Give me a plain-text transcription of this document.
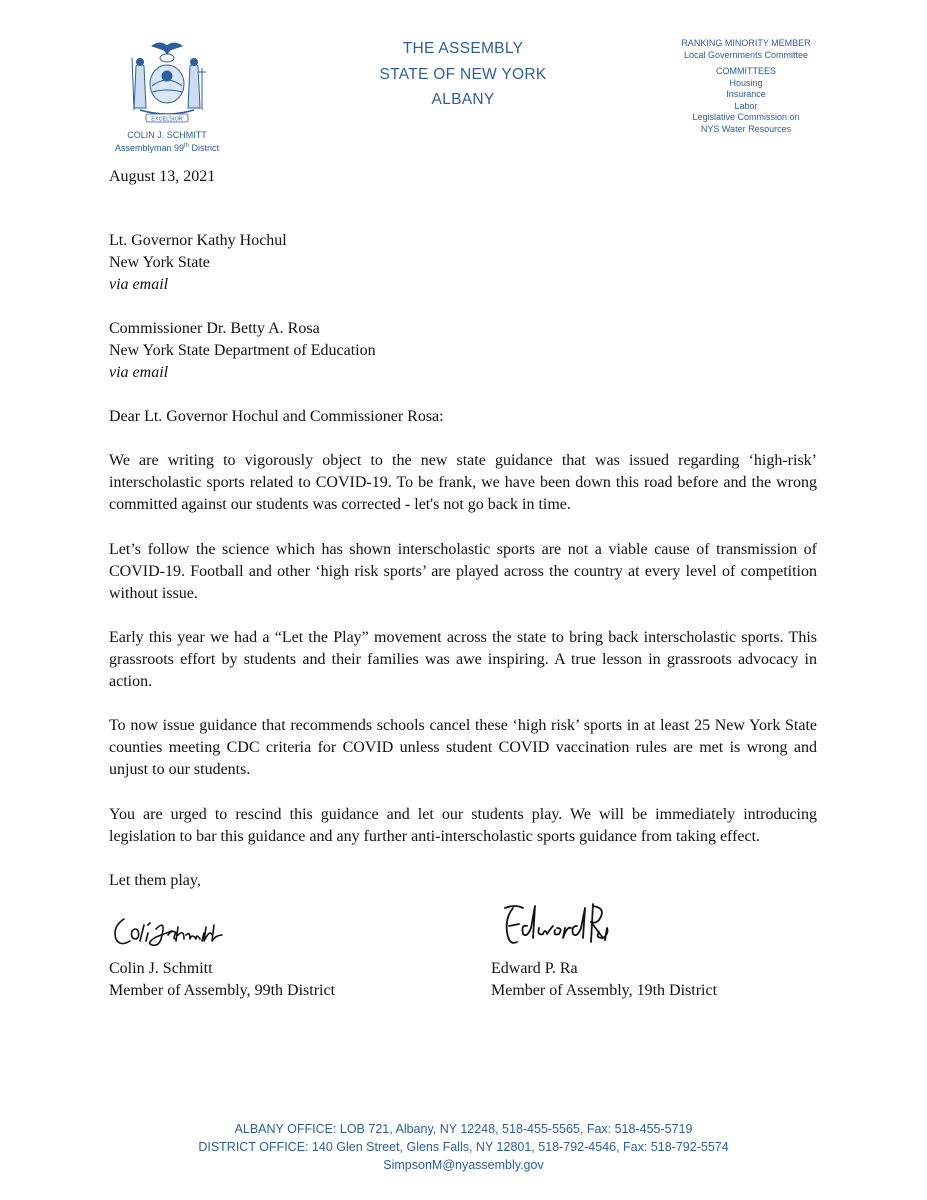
EXCELSIOR
COLIN J. SCHMITT
Assemblyman 99th District
THE ASSEMBLY
STATE OF NEW YORK
ALBANY
RANKING MINORITY MEMBER
Local Governments Committee
COMMITTEES
Housing
Insurance
Labor
Legislative Commission on
NYS Water Resources
August 13, 2021
Lt. Governor Kathy Hochul
New York State
via email
Commissioner Dr. Betty A. Rosa
New York State Department of Education
via email
Dear Lt. Governor Hochul and Commissioner Rosa:

We are writing to vigorously object to the new state guidance that was issued regarding ‘high-risk’ interscholastic sports related to COVID-19. To be frank, we have been down this road before and the wrong committed against our students was corrected - let's not go back in time.

Let’s follow the science which has shown interscholastic sports are not a viable cause of transmission of COVID-19. Football and other ‘high risk sports’ are played across the country at every level of competition without issue.

Early this year we had a “Let the Play” movement across the state to bring back interscholastic sports. This grassroots effort by students and their families was awe inspiring. A true lesson in grassroots advocacy in action.

To now issue guidance that recommends schools cancel these ‘high risk’ sports in at least 25 New York State counties meeting CDC criteria for COVID unless student COVID vaccination rules are met is wrong and unjust to our students.

You are urged to rescind this guidance and let our students play. We will be immediately introducing legislation to bar this guidance and any further anti-interscholastic sports guidance from taking effect.

Let them play,
Colin J. Schmitt
Member of Assembly, 99th District
Edward P. Ra
Member of Assembly, 19th District
ALBANY OFFICE: LOB 721, Albany, NY 12248, 518-455-5565, Fax: 518-455-5719
DISTRICT OFFICE: 140 Glen Street, Glens Falls, NY 12801, 518-792-4546, Fax: 518-792-5574
SimpsonM@nyassembly.gov
